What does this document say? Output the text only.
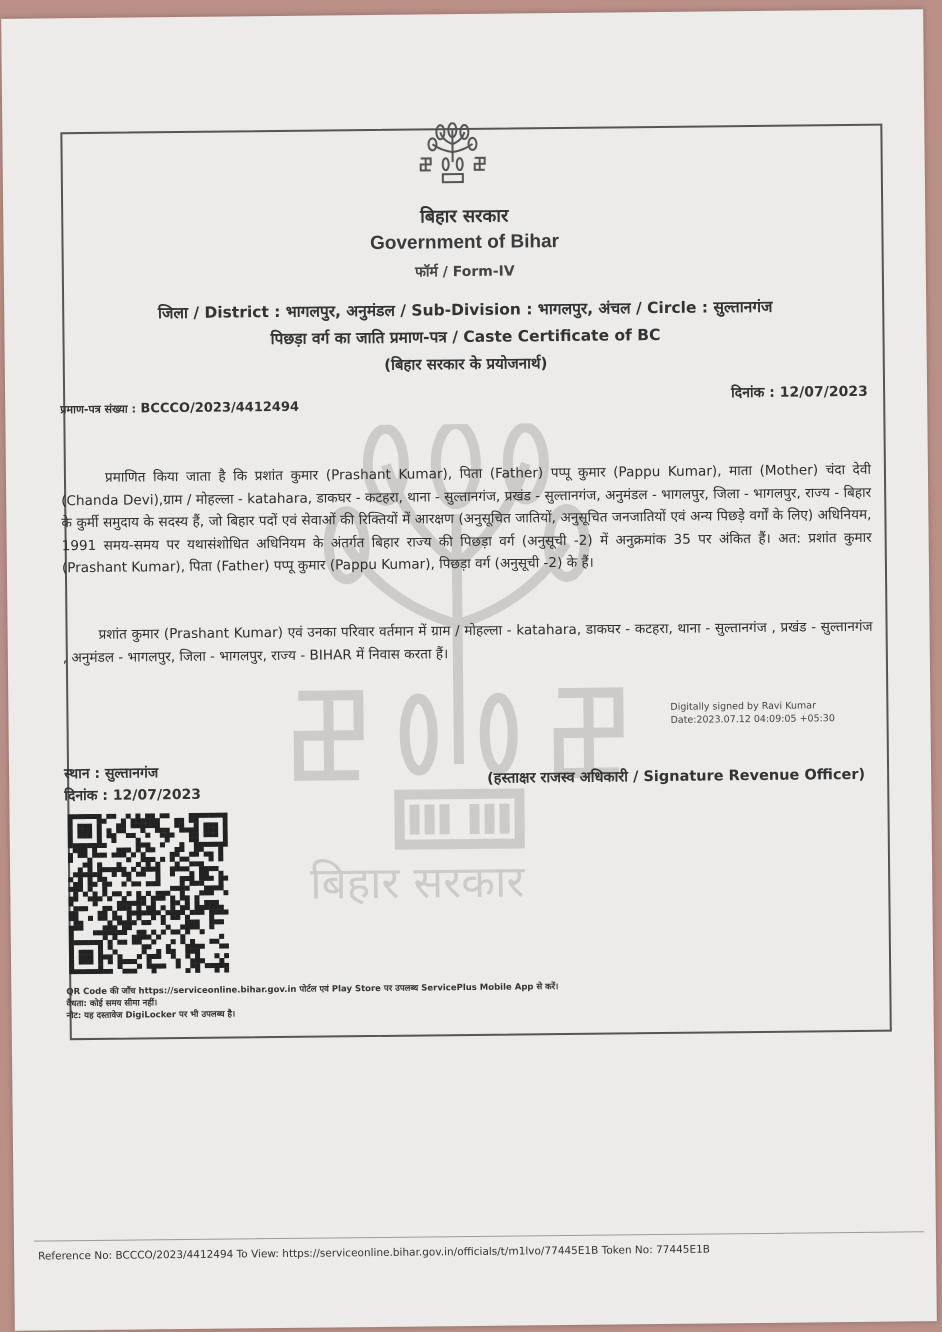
बिहार सरकार
बिहार सरकार
Government of Bihar
फॉर्म / Form-IV
जिला / District : भागलपुर, अनुमंडल / Sub-Division : भागलपुर, अंचल / Circle : सुल्तानगंज
पिछड़ा वर्ग का जाति प्रमाण-पत्र / Caste Certificate of BC
(बिहार सरकार के प्रयोजनार्थ)
प्रमाण-पत्र संख्या : BCCCO/2023/4412494
दिनांक : 12/07/2023
प्रमाणित किया जाता है कि प्रशांत कुमार (Prashant Kumar), पिता (Father) पप्पू कुमार (Pappu Kumar), माता (Mother) चंदा देवी (Chanda Devi),ग्राम / मोहल्ला - katahara, डाकघर - कटहरा, थाना - सुल्तानगंज, प्रखंड - सुल्तानगंज, अनुमंडल - भागलपुर, जिला - भागलपुर, राज्य - बिहार के कुर्मी समुदाय के सदस्य हैं, जो बिहार पदों एवं सेवाओं की रिक्तियों में आरक्षण (अनुसूचित जातियों, अनुसूचित जनजातियों एवं अन्य पिछड़े वर्गों के लिए) अधिनियम, 1991 समय-समय पर यथासंशोधित अधिनियम के अंतर्गत बिहार राज्य की पिछड़ा वर्ग (अनुसूची -2) में अनुक्रमांक 35 पर अंकित हैं। अत: प्रशांत कुमार (Prashant Kumar), पिता (Father) पप्पू कुमार (Pappu Kumar), पिछड़ा वर्ग (अनुसूची -2) के हैं।
प्रशांत कुमार (Prashant Kumar) एवं उनका परिवार वर्तमान में ग्राम / मोहल्ला - katahara, डाकघर - कटहरा, थाना - सुल्तानगंज , प्रखंड - सुल्तानगंज , अनुमंडल - भागलपुर, जिला - भागलपुर, राज्य - BIHAR में निवास करता हैं।
Digitally signed by Ravi Kumar
Date:2023.07.12 04:09:05 +05:30
स्थान : सुल्तानगंज
दिनांक : 12/07/2023
(हस्ताक्षर राजस्व अधिकारी / Signature Revenue Officer)
QR Code की जाँच https://serviceonline.bihar.gov.in पोर्टल एवं Play Store पर उपलब्ध ServicePlus Mobile App से करें।
वैधता: कोई समय सीमा नहीं।
नोट: यह दस्तावेज DigiLocker पर भी उपलब्ध है।
Reference No: BCCCO/2023/4412494 To View: https://serviceonline.bihar.gov.in/officials/t/m1lvo/77445E1B Token No: 77445E1B
